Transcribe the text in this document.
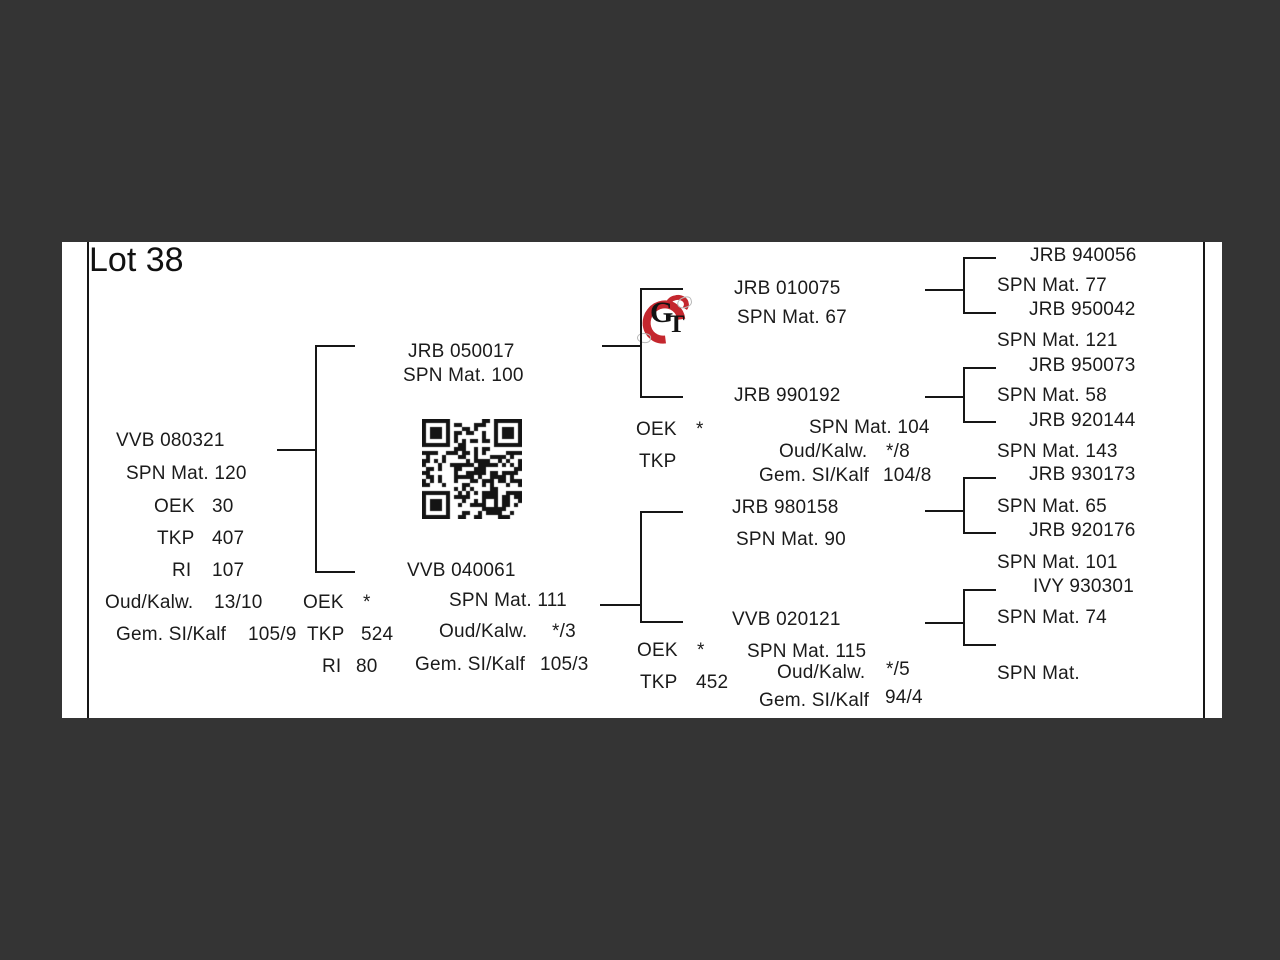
Lot 38
VVB 080321
SPN Mat. 120
OEK 30
TKP 407
RI 107
Oud/Kalw. 13/10
Gem. SI/Kalf 105/9
JRB 050017
SPN Mat. 100
OEK *
TKP 524
RI 80
VVB 040061
SPN Mat. 111
Oud/Kalw. */3
Gem. SI/Kalf 105/3
G
T
JRB 010075
SPN Mat. 67
JRB 990192
SPN Mat. 104
Oud/Kalw. */8
Gem. SI/Kalf 104/8
OEK *
TKP
JRB 980158
SPN Mat. 90
VVB 020121
SPN Mat. 115
Oud/Kalw. */5
Gem. SI/Kalf 94/4
OEK *
TKP 452
JRB 940056
SPN Mat. 77
JRB 950042
SPN Mat. 121
JRB 950073
SPN Mat. 58
JRB 920144
SPN Mat. 143
JRB 930173
SPN Mat. 65
JRB 920176
SPN Mat. 101
IVY 930301
SPN Mat. 74
SPN Mat.
